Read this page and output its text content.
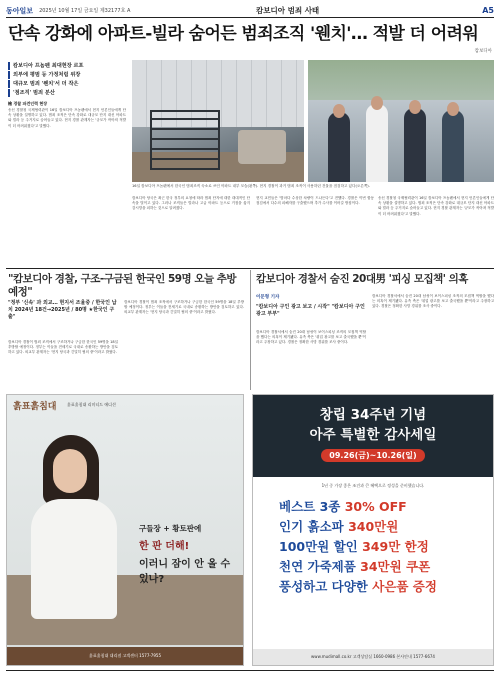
동아일보 2025년 10월 17일 금요일 제32177호 A	캄보디아 범죄 사태	A5
단속 강화에 아파트-빌라 숨어든 범죄조직 '웬치'… 적발 더 어려워
캄보디아
캄보디아 프놈펜 최대현장 르포
외부에 평범 등 가정처럼 위장
대규모 범죄 '웬치'서 더 작은
'점조직' 범죄 분산
檢 경찰 파견인력 현장
송신 경찰청 국제협력관이 16일 캄보디아 프놈펜에서 현지 언론인들에게 단속 상황을 설명하고 있다. 범죄 조직은 단속 강화로 대규모 단지 대신 아파트와 빌라 등 주거지로 숨어들고 있다. 현지 경찰 관계자는 '규모가 작아져 적발이 더 어려워졌다'고 말했다.
16일 캄보디아 프놈펜에서 한국인 범죄조직 숙소로 쓰인 아파트 내부 모습(왼쪽). 현지 경찰이 과거 범죄 조직이 사용하던 건물을 점검하고 있다(오른쪽).
캄보디아 당국은 최근 한국 정부의 요청에 따라 범죄 단지에 대한 대대적인 단속을 벌이고 있다. 그러나 조직들은 빌라나 고급 아파트 등으로 거점을 옮겨 감시망을 피하는 것으로 알려졌다.
현지 교민들은 '밤마다 수상한 차량이 드나든다'고 전했다. 경찰은 이번 합동 점검에서 다수의 피해자를 구출했으며 추가 수사를 이어갈 방침이다.
송신 경찰청 국제협력관이 16일 캄보디아 프놈펜에서 현지 언론인들에게 단속 상황을 설명하고 있다. 범죄 조직은 단속 강화로 대규모 단지 대신 아파트와 빌라 등 주거지로 숨어들고 있다. 현지 경찰 관계자는 '규모가 작아져 적발이 더 어려워졌다'고 말했다.
"캄보디아 경찰, 구조-구금된 한국인 59명 오늘 추방 예정"
"정부 '신속' 과 외교… 현지서 조율중 / 한국인 납치 2024년 18건→2025년 / 80명 ★한국인 구출"
캄보디아 경찰이 범죄 조직에서 구조하거나 구금한 한국인 59명을 18일 추방할 예정이다. 정부는 이들을 전세기로 국내로 송환하는 방안을 검토하고 있다. 외교부 관계자는 '현지 당국과 긴밀히 협의 중'이라고 밝혔다.
캄보디아 경찰이 범죄 조직에서 구조하거나 구금한 한국인 59명을 18일 추방할 예정이다. 정부는 이들을 전세기로 국내로 송환하는 방안을 검토하고 있다. 외교부 관계자는 '현지 당국과 긴밀히 협의 중'이라고 밝혔다.
캄보디아 경찰서 숨진 20대男 '피싱 모집책' 의혹
이문형 기자
"캄보디아 구인 광고 보고 / 시작" "캄보디아 구인광고 부부"
캄보디아 경찰서에서 숨진 20대 남성이 보이스피싱 조직의 모집책 역할을 했다는 의혹이 제기됐다. 유족 측은 '취업 광고를 보고 출국했을 뿐'이라고 주장하고 있다. 경찰은 정확한 사망 경위를 조사 중이다.
캄보디아 경찰서에서 숨진 20대 남성이 보이스피싱 조직의 모집책 역할을 했다는 의혹이 제기됐다. 유족 측은 '취업 광고를 보고 출국했을 뿐'이라고 주장하고 있다. 경찰은 정확한 사망 경위를 조사 중이다.
흙표흙침대	흙표흙침대 리미티드 에디션
구들장 + 황토판에
한 판 더해!
이러니 잠이 안 올 수 있나?
흙표흙침대 대리점 고객센터 1577-7955
창립 34주년 기념
아주 특별한 감사세일
09.26(금)~10.26(일)
1년 중 가장 좋은 조건과 큰 혜택으로 정성을 준비했습니다.
베스트 3종 30% OFF
인기 흙소파 340만원
100만원 할인 349만 한정
천연 가죽제품 34만원 쿠폰
풍성하고 다양한 사은품 증정
www.mudimall.co.kr 고객상담실 1660-0986 본사안내 1577-6674
